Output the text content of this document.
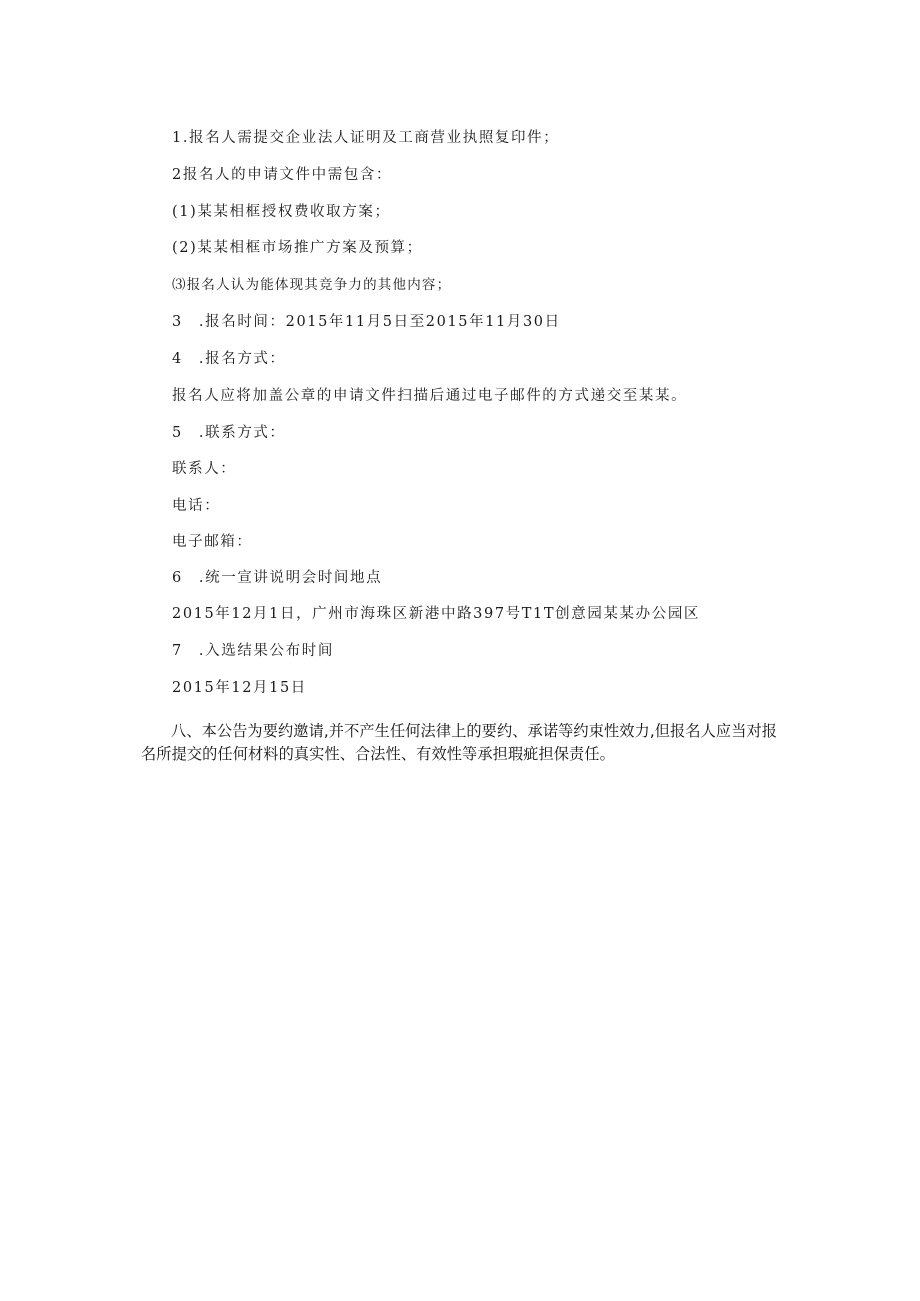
1.报名人需提交企业法人证明及工商营业执照复印件；
2报名人的申请文件中需包含：
(1)某某相框授权费收取方案；
(2)某某相框市场推广方案及预算；
⑶报名人认为能体现其竞争力的其他内容；
3　.报名时间：2015年11月5日至2015年11月30日
4　.报名方式：
报名人应将加盖公章的申请文件扫描后通过电子邮件的方式递交至某某。
5　.联系方式：
联系人：
电话：
电子邮箱：
6　.统一宣讲说明会时间地点
2015年12月1日，广州市海珠区新港中路397号T1T创意园某某办公园区
7　.入选结果公布时间
2015年12月15日
八、本公告为要约邀请,并不产生任何法律上的要约、承诺等约束性效力,但报名人应当对报名所提交的任何材料的真实性、合法性、有效性等承担瑕疵担保责任。
